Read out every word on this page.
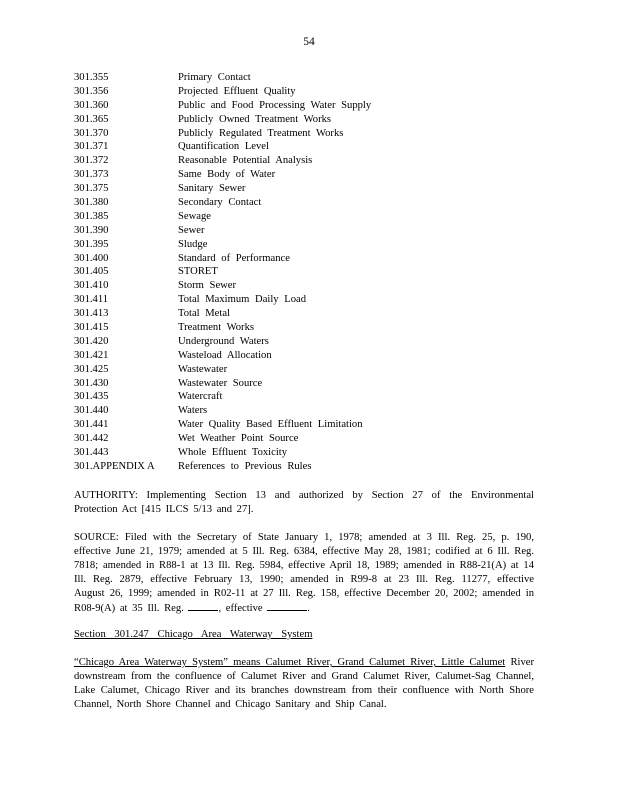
54
301.355	Primary Contact
301.356	Projected Effluent Quality
301.360	Public and Food Processing Water Supply
301.365	Publicly Owned Treatment Works
301.370	Publicly Regulated Treatment Works
301.371	Quantification Level
301.372	Reasonable Potential Analysis
301.373	Same Body of Water
301.375	Sanitary Sewer
301.380	Secondary Contact
301.385	Sewage
301.390	Sewer
301.395	Sludge
301.400	Standard of Performance
301.405	STORET
301.410	Storm Sewer
301.411	Total Maximum Daily Load
301.413	Total Metal
301.415	Treatment Works
301.420	Underground Waters
301.421	Wasteload Allocation
301.425	Wastewater
301.430	Wastewater Source
301.435	Watercraft
301.440	Waters
301.441	Water Quality Based Effluent Limitation
301.442	Wet Weather Point Source
301.443	Whole Effluent Toxicity
301.APPENDIX A References to Previous Rules
AUTHORITY: Implementing Section 13 and authorized by Section 27 of the Environmental Protection Act [415 ILCS 5/13 and 27].
SOURCE: Filed with the Secretary of State January 1, 1978; amended at 3 Ill. Reg. 25, p. 190, effective June 21, 1979; amended at 5 Ill. Reg. 6384, effective May 28, 1981; codified at 6 Ill. Reg. 7818; amended in R88-1 at 13 Ill. Reg. 5984, effective April 18, 1989; amended in R88-21(A) at 14 Ill. Reg. 2879, effective February 13, 1990; amended in R99-8 at 23 Ill. Reg. 11277, effective August 26, 1999; amended in R02-11 at 27 Ill. Reg. 158, effective December 20, 2002; amended in R08-9(A) at 35 Ill. Reg.	, effective	.
Section 301.247 Chicago Area Waterway System
“Chicago Area Waterway System” means Calumet River, Grand Calumet River, Little Calumet River downstream from the confluence of Calumet River and Grand Calumet River, Calumet-Sag Channel, Lake Calumet, Chicago River and its branches downstream from their confluence with North Shore Channel, North Shore Channel and Chicago Sanitary and Ship Canal.
